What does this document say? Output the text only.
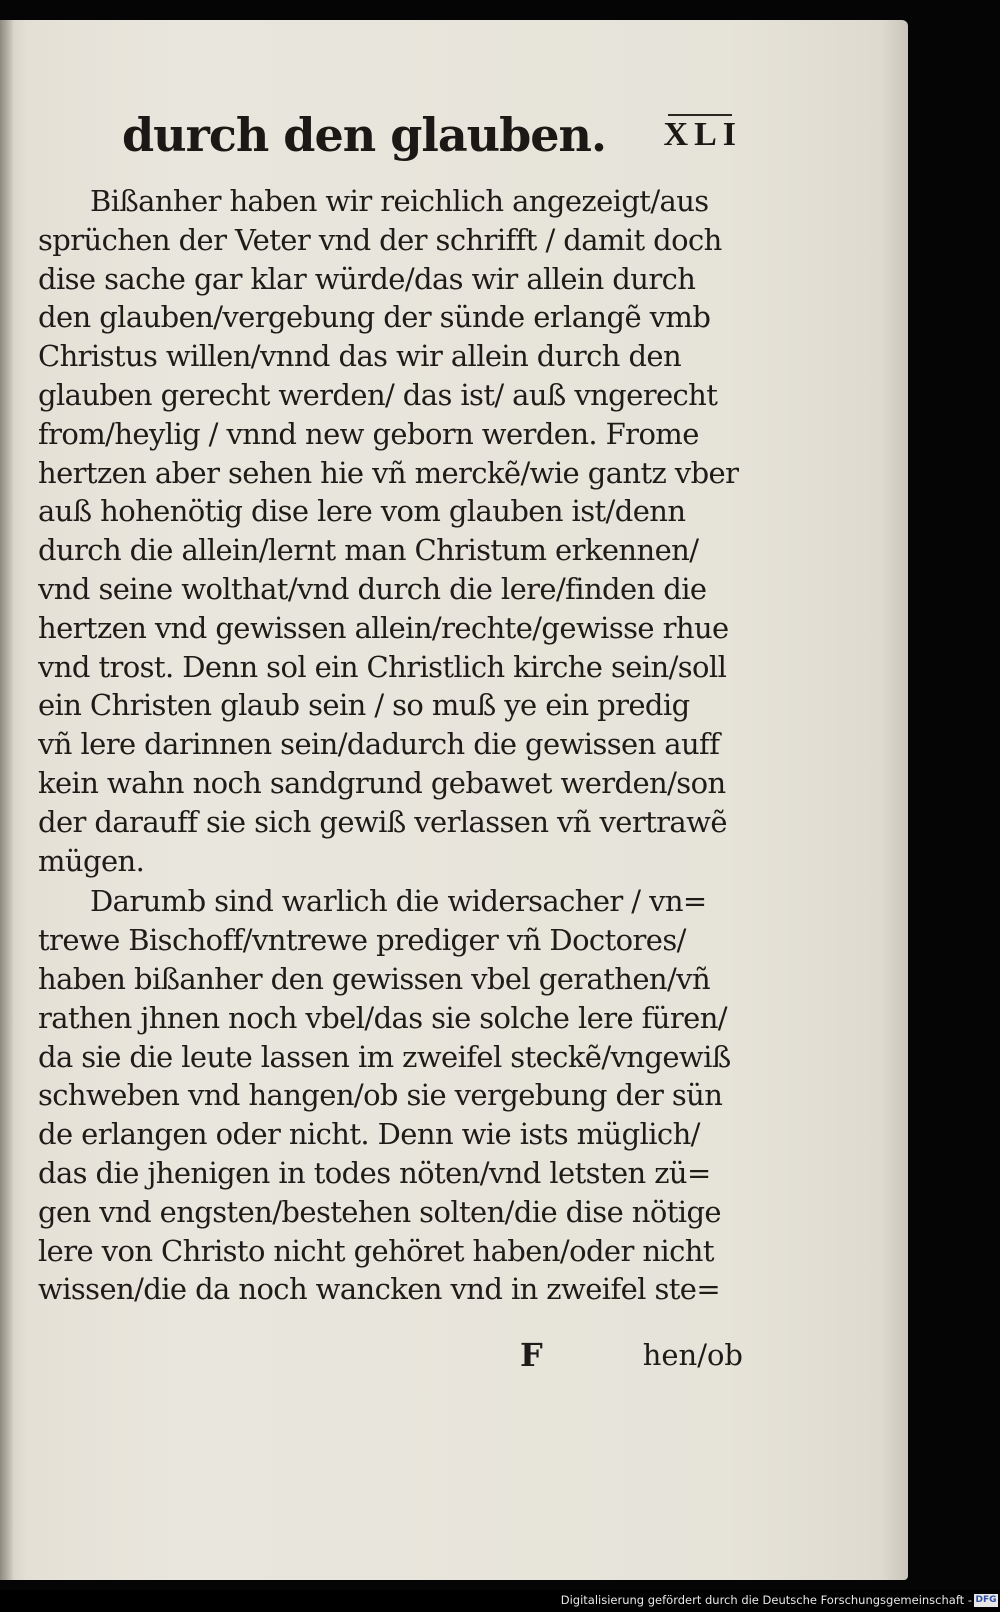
durch den glauben. XLI
Bißanher haben wir reichlich angezeigt/aus
sprüchen der Veter vnd der schrifft / damit doch
dise sache gar klar würde/das wir allein durch
den glauben/vergebung der sünde erlangẽ vmb
Christus willen/vnnd das wir allein durch den
glauben gerecht werden/ das ist/ auß vngerecht
from/heylig / vnnd new geborn werden. Frome
hertzen aber sehen hie vñ merckẽ/wie gantz vber
auß hohenötig dise lere vom glauben ist/denn
durch die allein/lernt man Christum erkennen/
vnd seine wolthat/vnd durch die lere/finden die
hertzen vnd gewissen allein/rechte/gewisse rhue
vnd trost. Denn sol ein Christlich kirche sein/soll
ein Christen glaub sein / so muß ye ein predig
vñ lere darinnen sein/dadurch die gewissen auff
kein wahn noch sandgrund gebawet werden/son
der darauff sie sich gewiß verlassen vñ vertrawẽ
mügen.
Darumb sind warlich die widersacher / vn=
trewe Bischoff/vntrewe prediger vñ Doctores/
haben bißanher den gewissen vbel gerathen/vñ
rathen jhnen noch vbel/das sie solche lere füren/
da sie die leute lassen im zweifel steckẽ/vngewiß
schweben vnd hangen/ob sie vergebung der sün
de erlangen oder nicht. Denn wie ists müglich/
das die jhenigen in todes nöten/vnd letsten zü=
gen vnd engsten/bestehen solten/die dise nötige
lere von Christo nicht gehöret haben/oder nicht
wissen/die da noch wancken vnd in zweifel ste=
F	hen/ob
Digitalisierung gefördert durch die Deutsche Forschungsgemeinschaft - DFG
